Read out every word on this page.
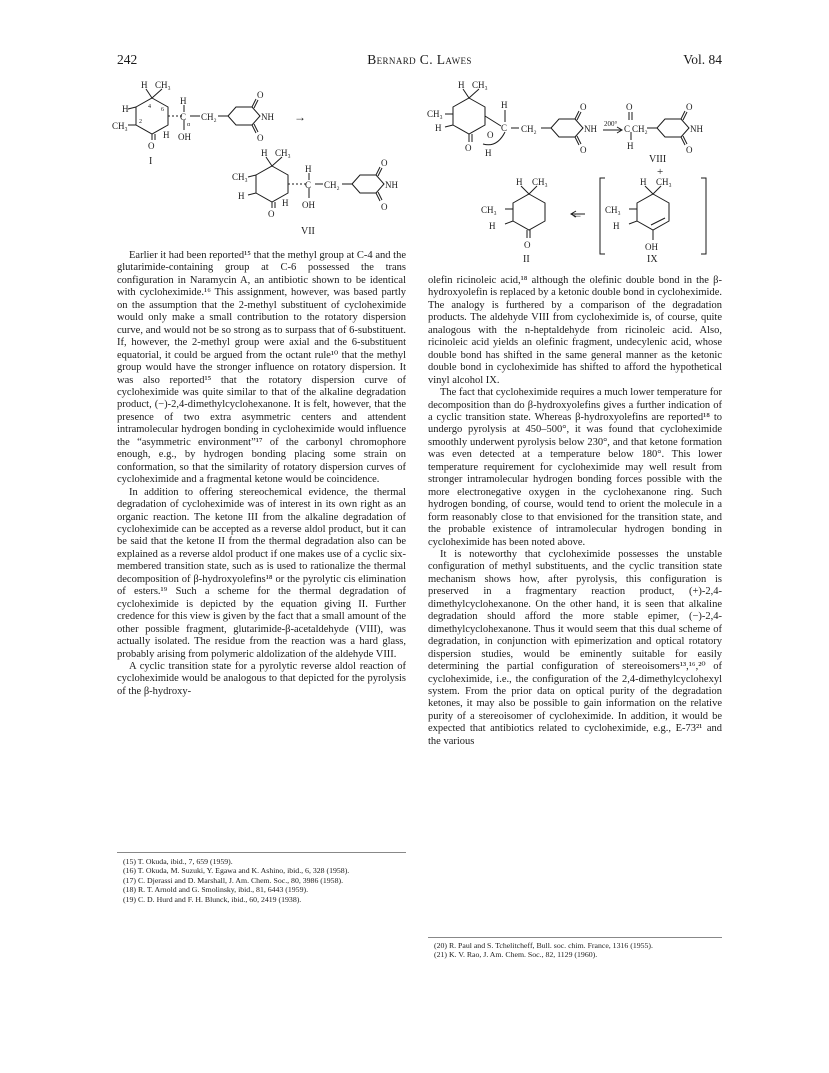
242	Bernard C. Lawes	Vol. 84
H CH₃
4
2
6
H
CH₃
O
H
H
C
α
OH
CH₂
O
NH
O
I
→
H CH₃
CH₃
H
O
H
H
C
OH
CH₂
O
NH
O
VII
H CH₃
CH₃
H
O
H
C
O
H
CH₂
O
NH
O
200°
O
C CH₂
H
O
NH
O
VIII
+
H CH₃
CH₃
H
O
II
←
H CH₃
CH₃
H
OH
IX

Earlier it had been reported¹⁵ that the methyl group at C-4 and the glutarimide-containing group at C-6 possessed the trans configuration in Naramycin A, an antibiotic shown to be identical with cycloheximide.¹⁶ This assignment, however, was based partly on the assumption that the 2-methyl substituent of cycloheximide would only make a small contribution to the rotatory dispersion curve, and would not be so strong as to surpass that of 6-substituent. If, however, the 2-methyl group were axial and the 6-substituent equatorial, it could be argued from the octant rule¹⁰ that the methyl group would have the stronger influence on rotatory dispersion. It was also reported¹⁵ that the rotatory dispersion curve of cycloheximide was quite similar to that of the alkaline degradation product, (−)-2,4-dimethylcyclohexanone. It is felt, however, that the presence of two extra asymmetric centers and attendent intramolecular hydrogen bonding in cycloheximide would influence the “asymmetric environment”¹⁷ of the carbonyl chromophore enough, e.g., by hydrogen bonding placing some strain on conformation, so that the similarity of rotatory dispersion curves of cycloheximide and a fragmental ketone would be coincidence.

In addition to offering stereochemical evidence, the thermal degradation of cycloheximide was of interest in its own right as an organic reaction. The ketone III from the alkaline degradation of cycloheximide can be accepted as a reverse aldol product, but it can be said that the ketone II from the thermal degradation also can be explained as a reverse aldol product if one makes use of a cyclic six-membered transition state, such as is used to rationalize the thermal decomposition of β-hydroxyolefins¹⁸ or the pyrolytic cis elimination of esters.¹⁹ Such a scheme for the thermal degradation of cycloheximide is depicted by the equation giving II. Further credence for this view is given by the fact that a small amount of the other possible fragment, glutarimide-β-acetaldehyde (VIII), was actually isolated. The residue from the reaction was a hard glass, probably arising from polymeric aldolization of the aldehyde VIII.

A cyclic transition state for a pyrolytic reverse aldol reaction of cycloheximide would be analogous to that depicted for the pyrolysis of the β-hydroxy-

olefin ricinoleic acid,¹⁸ although the olefinic double bond in the β-hydroxyolefin is replaced by a ketonic double bond in cycloheximide. The analogy is furthered by a comparison of the degradation products. The aldehyde VIII from cycloheximide is, of course, quite analogous with the n-heptaldehyde from ricinoleic acid. Also, ricinoleic acid yields an olefinic fragment, undecylenic acid, whose double bond has shifted in the same general manner as the ketonic double bond in cycloheximide has shifted to afford the hypothetical vinyl alcohol IX.

The fact that cycloheximide requires a much lower temperature for decomposition than do β-hydroxyolefins gives a further indication of a cyclic transition state. Whereas β-hydroxyolefins are reported¹⁸ to undergo pyrolysis at 450–500°, it was found that cycloheximide smoothly underwent pyrolysis below 230°, and that ketone formation was even detected at a temperature below 180°. This lower temperature requirement for cycloheximide may well result from stronger intramolecular hydrogen bonding forces possible with the more electronegative oxygen in the cyclohexanone ring. Such hydrogen bonding, of course, would tend to orient the molecule in a form reasonably close to that envisioned for the transition state, and the probable existence of intramolecular hydrogen bonding in cycloheximide has been noted above.

It is noteworthy that cycloheximide possesses the unstable configuration of methyl substituents, and the cyclic transition state mechanism shows how, after pyrolysis, this configuration is preserved in a fragmentary reaction product, (+)-2,4-dimethylcyclohexanone. On the other hand, it is seen that alkaline degradation should afford the more stable epimer, (−)-2,4-dimethylcyclohexanone. Thus it would seem that this dual scheme of degradation, in conjunction with epimerization and optical rotatory dispersion studies, would be eminently suitable for easily determining the partial configuration of stereoisomers¹³,¹⁶,²⁰ of cycloheximide, i.e., the configuration of the 2,4-dimethylcyclohexyl system. From the prior data on optical purity of the degradation ketones, it may also be possible to gain information on the relative purity of a stereoisomer of cycloheximide. In addition, it would be expected that antibiotics related to cycloheximide, e.g., E-73²¹ and the various

(15) T. Okuda, ibid., 7, 659 (1959).
(16) T. Okuda, M. Suzuki, Y. Egawa and K. Ashino, ibid., 6, 328 (1958).
(17) C. Djerassi and D. Marshall, J. Am. Chem. Soc., 80, 3986 (1958).
(18) R. T. Arnold and G. Smolinsky, ibid., 81, 6443 (1959).
(19) C. D. Hurd and F. H. Blunck, ibid., 60, 2419 (1938).
(20) R. Paul and S. Tchelitcheff, Bull. soc. chim. France, 1316 (1955).
(21) K. V. Rao, J. Am. Chem. Soc., 82, 1129 (1960).
